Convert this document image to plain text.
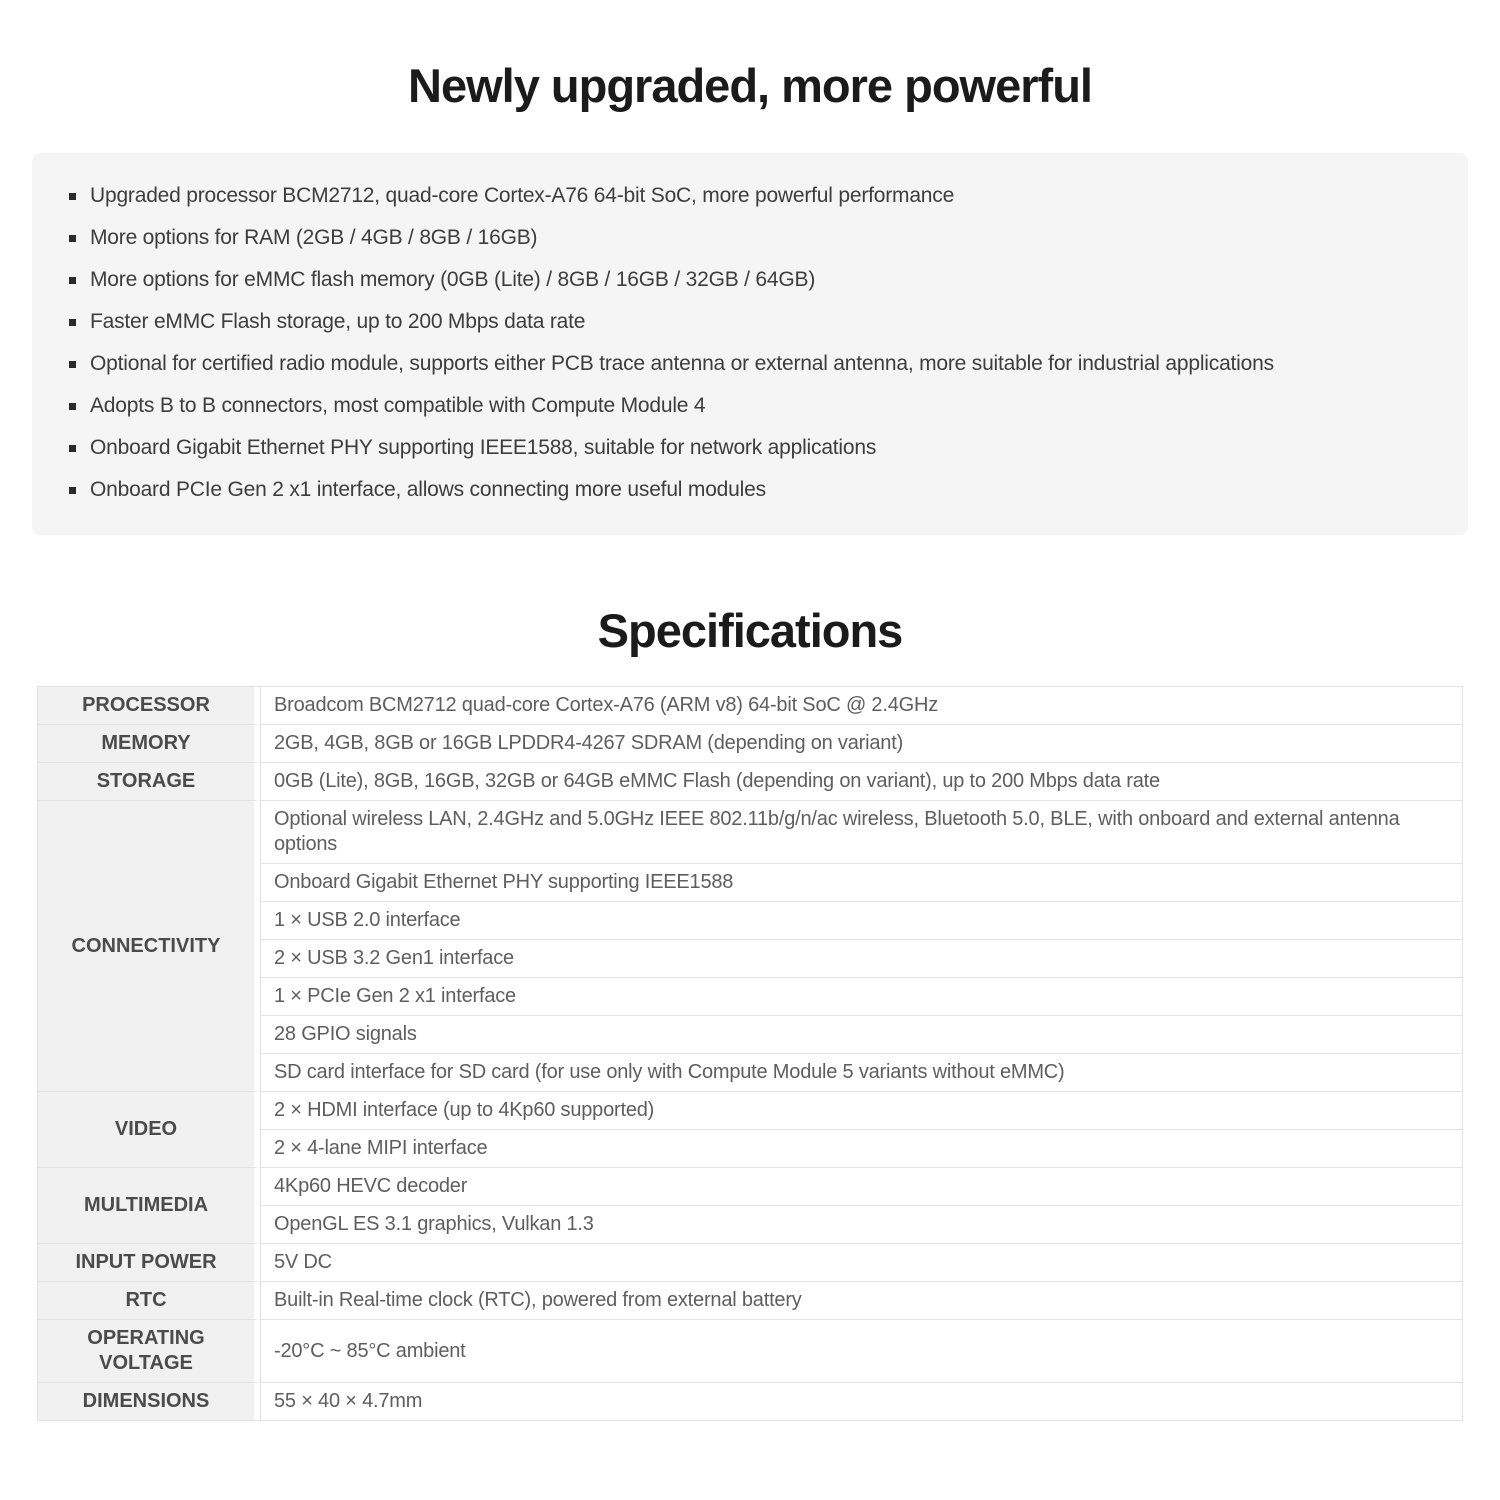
Newly upgraded, more powerful
Upgraded processor BCM2712, quad-core Cortex-A76 64-bit SoC, more powerful performance
More options for RAM (2GB / 4GB / 8GB / 16GB)
More options for eMMC flash memory (0GB (Lite) / 8GB / 16GB / 32GB / 64GB)
Faster eMMC Flash storage, up to 200 Mbps data rate
Optional for certified radio module, supports either PCB trace antenna or external antenna, more suitable for industrial applications
Adopts B to B connectors, most compatible with Compute Module 4
Onboard Gigabit Ethernet PHY supporting IEEE1588, suitable for network applications
Onboard PCIe Gen 2 x1 interface, allows connecting more useful modules
Specifications
PROCESSOR	Broadcom BCM2712 quad-core Cortex-A76 (ARM v8) 64-bit SoC @ 2.4GHz
MEMORY	2GB, 4GB, 8GB or 16GB LPDDR4-4267 SDRAM (depending on variant)
STORAGE	0GB (Lite), 8GB, 16GB, 32GB or 64GB eMMC Flash (depending on variant), up to 200 Mbps data rate
CONNECTIVITY	Optional wireless LAN, 2.4GHz and 5.0GHz IEEE 802.11b/g/n/ac wireless, Bluetooth 5.0, BLE, with onboard and external antenna options
	Onboard Gigabit Ethernet PHY supporting IEEE1588
	1 × USB 2.0 interface
	2 × USB 3.2 Gen1 interface
	1 × PCIe Gen 2 x1 interface
	28 GPIO signals
	SD card interface for SD card (for use only with Compute Module 5 variants without eMMC)
VIDEO	2 × HDMI interface (up to 4Kp60 supported)
	2 × 4-lane MIPI interface
MULTIMEDIA	4Kp60 HEVC decoder
	OpenGL ES 3.1 graphics, Vulkan 1.3
INPUT POWER	5V DC
RTC	Built-in Real-time clock (RTC), powered from external battery
OPERATING VOLTAGE	-20°C ~ 85°C ambient
DIMENSIONS	55 × 40 × 4.7mm
